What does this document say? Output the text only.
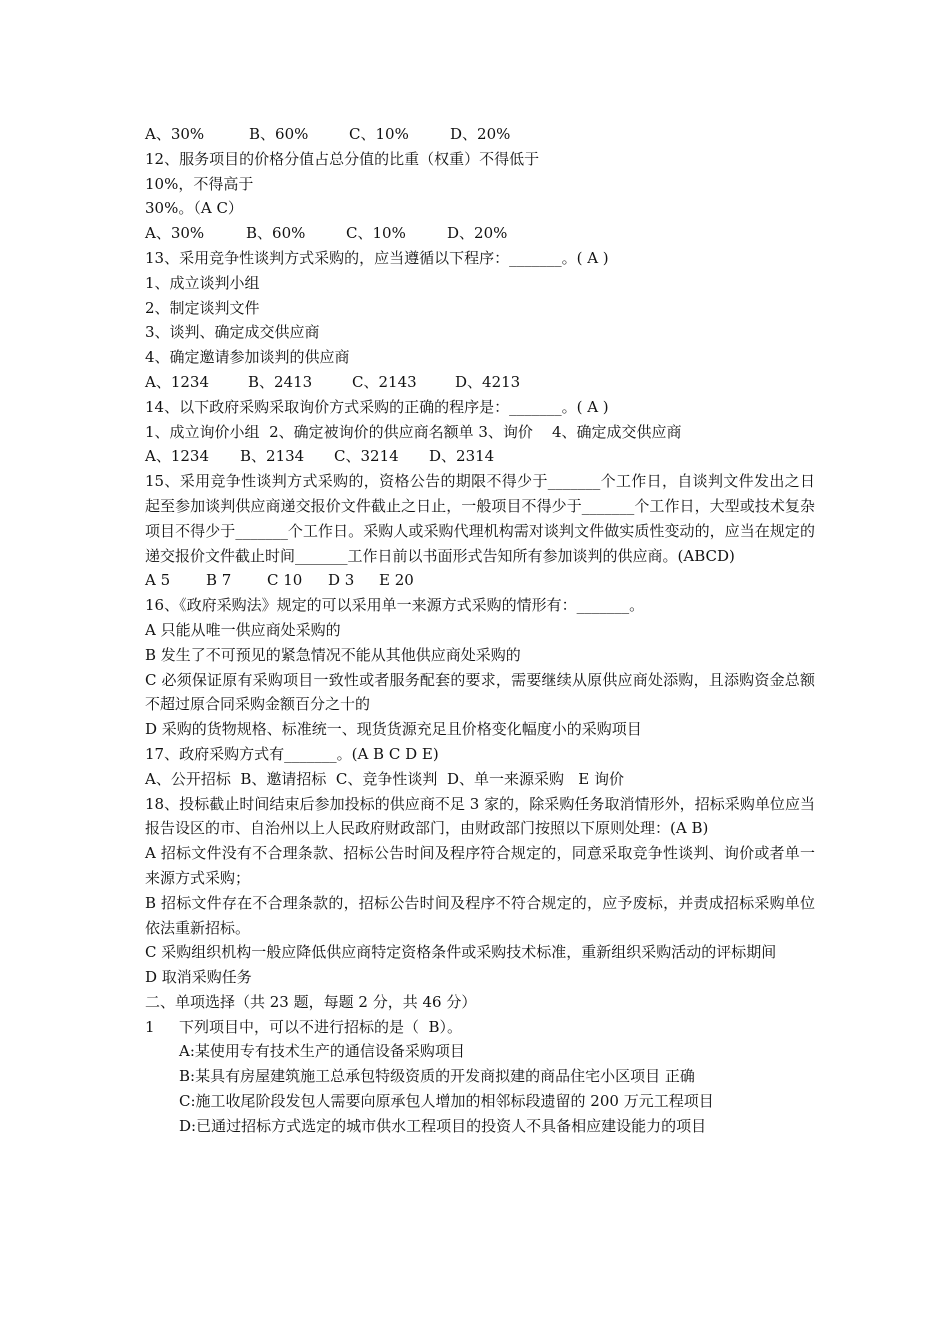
A、30%	B、60%	C、10%	D、20%
12、服务项目的价格分值占总分值的比重（权重）不得低于
10%，不得高于
30%。（A C）
A、30%	B、60%	C、10%	D、20%
13、采用竞争性谈判方式采购的，应当遵循以下程序：_______。( A )
1、成立谈判小组
2、制定谈判文件
3、谈判、确定成交供应商
4、确定邀请参加谈判的供应商
A、1234	B、2413	C、2143	D、4213
14、以下政府采购采取询价方式采购的正确的程序是：_______。( A )
1、成立询价小组  2、确定被询价的供应商名额单 3、询价    4、确定成交供应商
A、1234 B、2134 C、3214 D、2314
15、采用竞争性谈判方式采购的，资格公告的期限不得少于_______个工作日，自谈判文件发出之日起至参加谈判供应商递交报价文件截止之日止，一般项目不得少于_______个工作日，大型或技术复杂项目不得少于_______个工作日。采购人或采购代理机构需对谈判文件做实质性变动的，应当在规定的递交报价文件截止时间_______工作日前以书面形式告知所有参加谈判的供应商。(ABCD)
A 5 B 7 C 10 D 3 E 20
16、《政府采购法》规定的可以采用单一来源方式采购的情形有：_______。
A 只能从唯一供应商处采购的
B 发生了不可预见的紧急情况不能从其他供应商处采购的
C 必须保证原有采购项目一致性或者服务配套的要求，需要继续从原供应商处添购，且添购资金总额不超过原合同采购金额百分之十的
D 采购的货物规格、标准统一、现货货源充足且价格变化幅度小的采购项目
17、政府采购方式有_______。(A B C D E)
A、公开招标  B、邀请招标  C、竞争性谈判  D、单一来源采购   E 询价
18、投标截止时间结束后参加投标的供应商不足 3 家的，除采购任务取消情形外，招标采购单位应当报告设区的市、自治州以上人民政府财政部门，由财政部门按照以下原则处理：(A B)
A 招标文件没有不合理条款、招标公告时间及程序符合规定的，同意采取竞争性谈判、询价或者单一来源方式采购；
B 招标文件存在不合理条款的，招标公告时间及程序不符合规定的，应予废标，并责成招标采购单位依法重新招标。
C 采购组织机构一般应降低供应商特定资格条件或采购技术标准，重新组织采购活动的评标期间
D 取消采购任务
二、单项选择（共 23 题，每题 2 分，共 46 分）
1 下列项目中，可以不进行招标的是（  B）。
A:某使用专有技术生产的通信设备采购项目
B:某具有房屋建筑施工总承包特级资质的开发商拟建的商品住宅小区项目 正确
C:施工收尾阶段发包人需要向原承包人增加的相邻标段遗留的 200 万元工程项目
D:已通过招标方式选定的城市供水工程项目的投资人不具备相应建设能力的项目
